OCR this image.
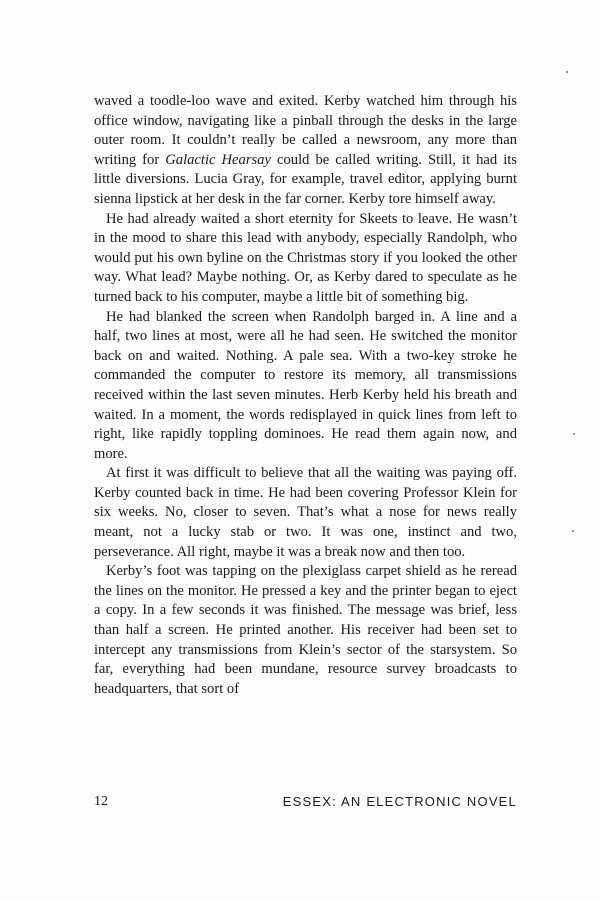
waved a toodle-loo wave and exited. Kerby watched him through his office window, navigating like a pinball through the desks in the large outer room. It couldn’t really be called a newsroom, any more than writing for Galactic Hearsay could be called writing. Still, it had its little diversions. Lucia Gray, for example, travel editor, applying burnt sienna lipstick at her desk in the far corner. Kerby tore himself away.

He had already waited a short eternity for Skeets to leave. He wasn’t in the mood to share this lead with anybody, especially Randolph, who would put his own byline on the Christmas story if you looked the other way. What lead? Maybe nothing. Or, as Kerby dared to speculate as he turned back to his computer, maybe a little bit of something big.

He had blanked the screen when Randolph barged in. A line and a half, two lines at most, were all he had seen. He switched the monitor back on and waited. Nothing. A pale sea. With a two-key stroke he commanded the computer to restore its memory, all transmissions received within the last seven minutes. Herb Kerby held his breath and waited. In a moment, the words redisplayed in quick lines from left to right, like rapidly toppling dominoes. He read them again now, and more.

At first it was difficult to believe that all the waiting was paying off. Kerby counted back in time. He had been covering Professor Klein for six weeks. No, closer to seven. That’s what a nose for news really meant, not a lucky stab or two. It was one, instinct and two, perseverance. All right, maybe it was a break now and then too.

Kerby’s foot was tapping on the plexiglass carpet shield as he reread the lines on the monitor. He pressed a key and the printer began to eject a copy. In a few seconds it was finished. The message was brief, less than half a screen. He printed another. His receiver had been set to intercept any transmissions from Klein’s sector of the starsystem. So far, everything had been mundane, resource survey broadcasts to headquarters, that sort of

12	ESSEX: AN ELECTRONIC NOVEL
